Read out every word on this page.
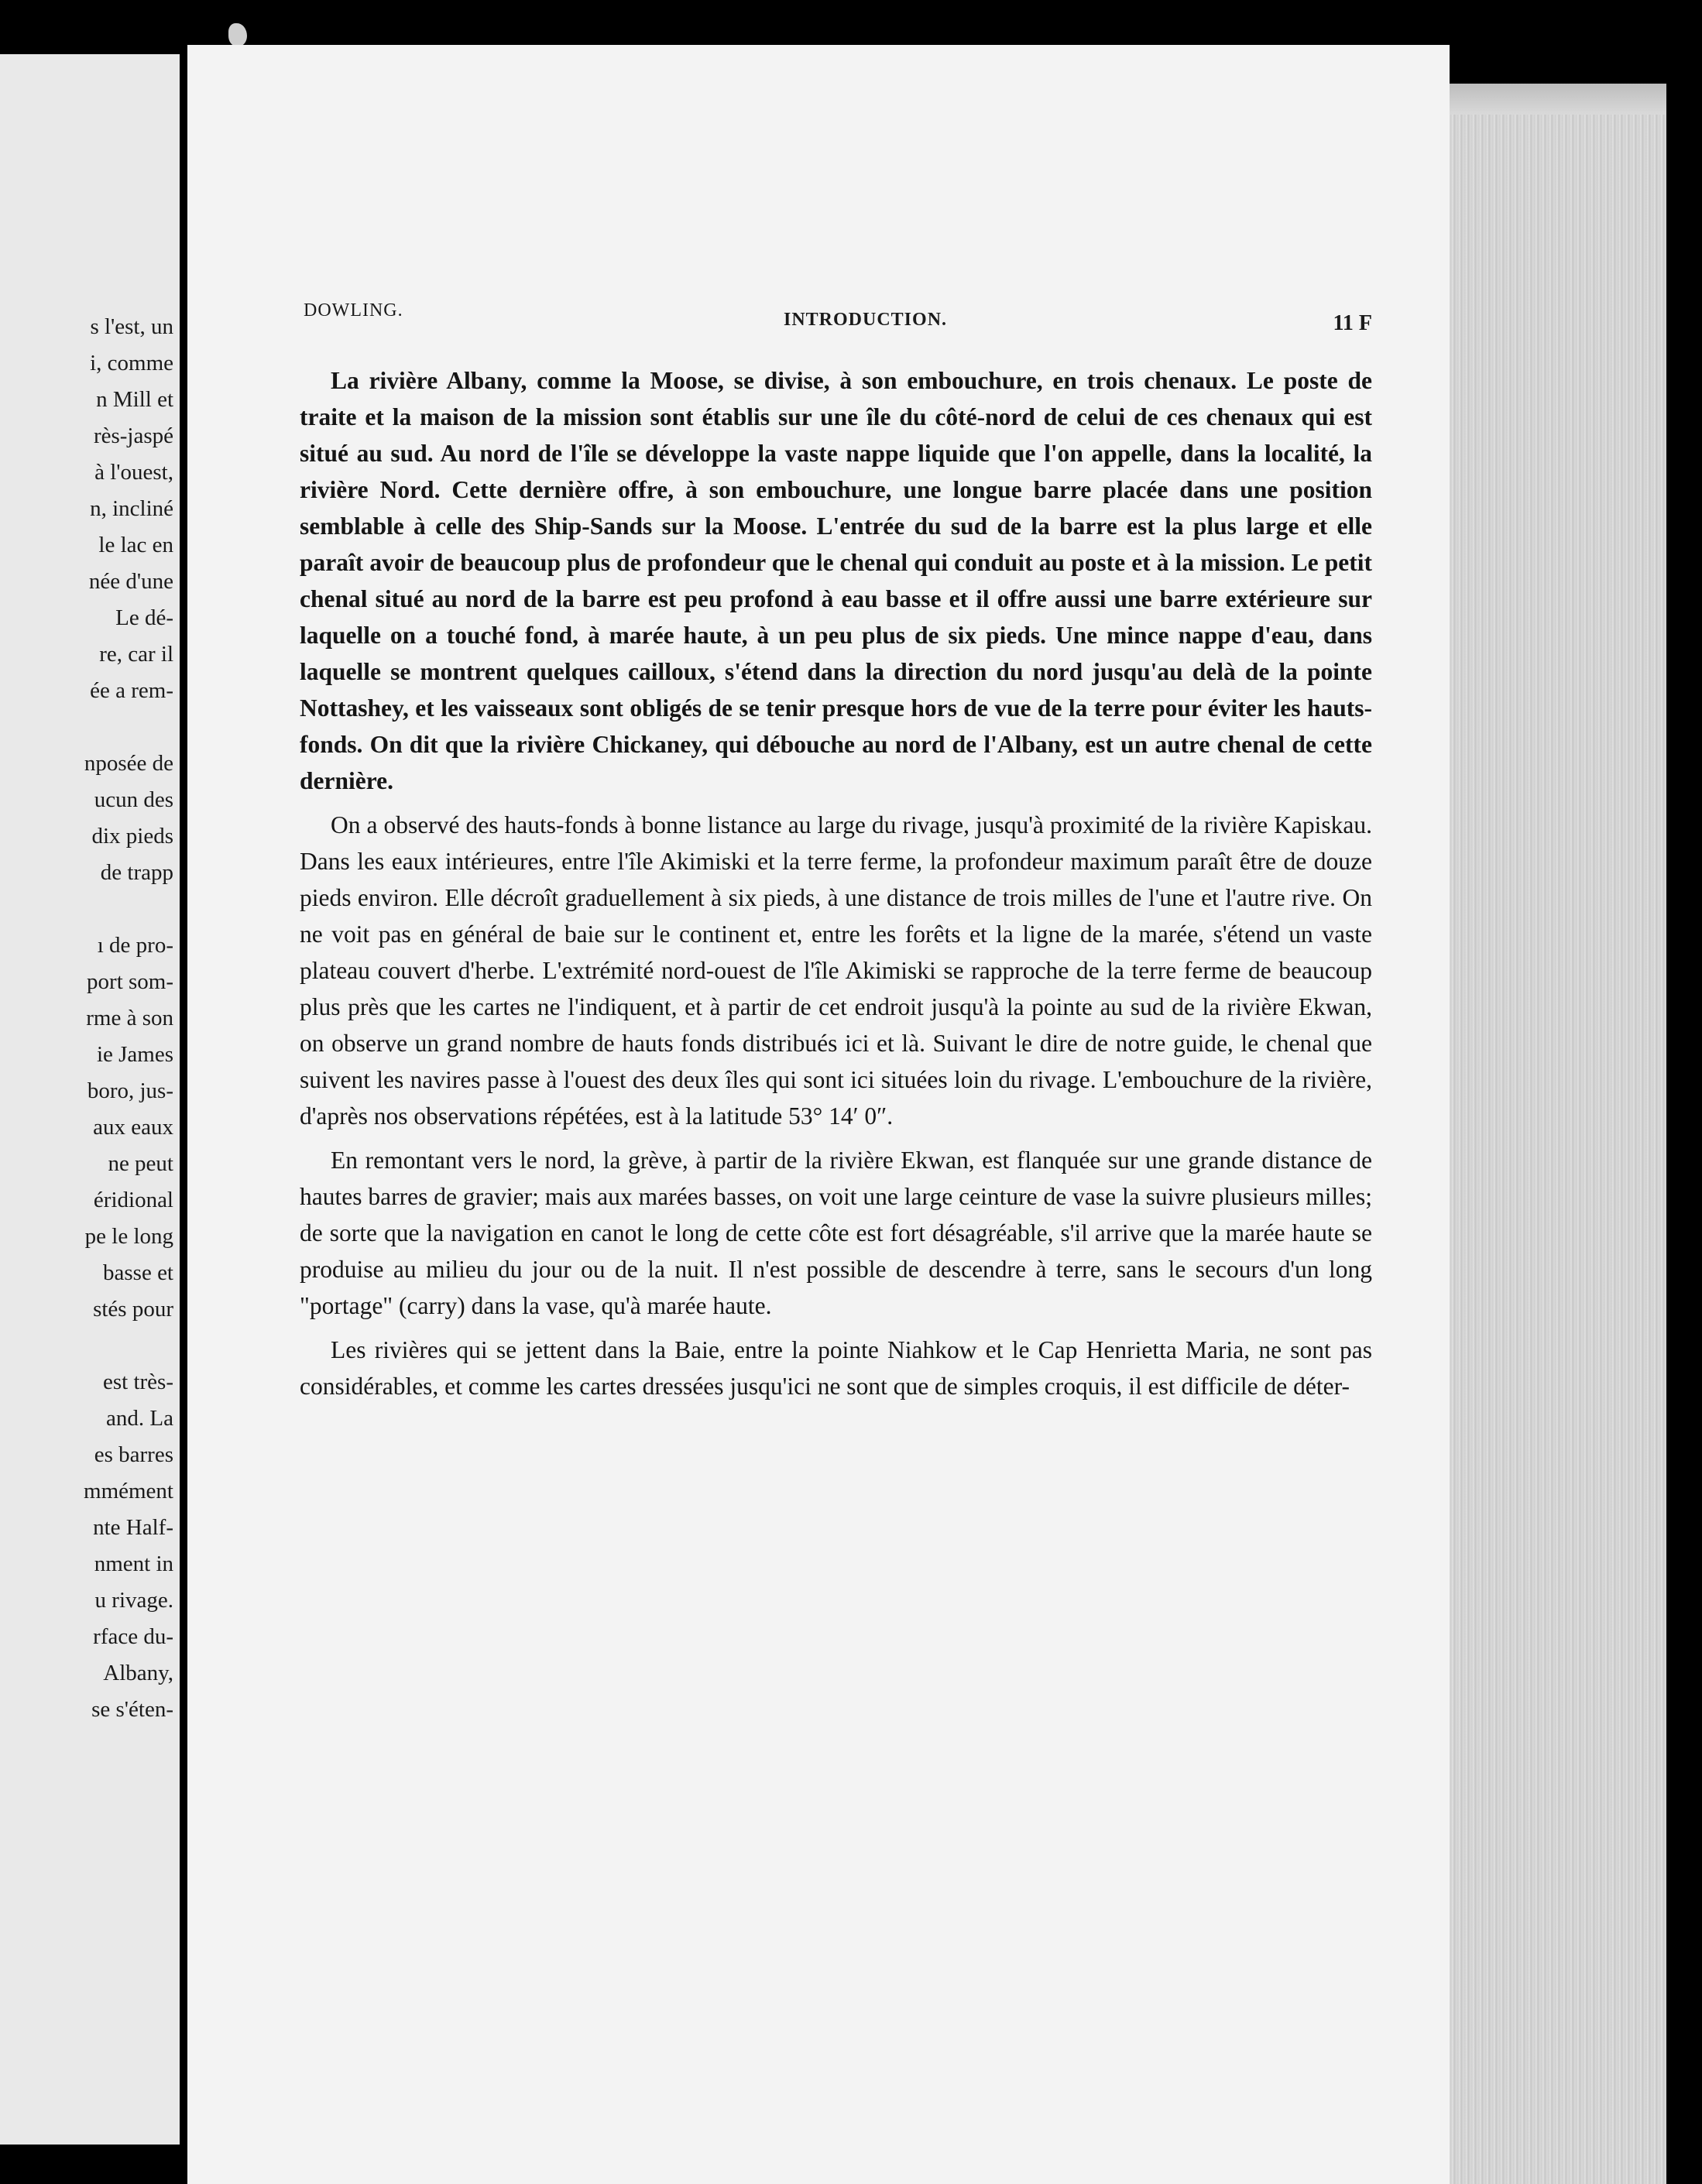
s l'est, un
i, comme
n Mill et
rès-jaspé
à l'ouest,
n, incliné
le lac en
née d'une
Le dé-
re, car il
ée a rem-
nposée de
ucun des
dix pieds
de trapp
ı de pro-
port som-
rme à son
ie James
boro, jus-
aux eaux
ne peut
éridional
pe le long
basse et
stés pour
est très-
and. La
es barres
mmément
nte Half-
nment in
u rivage.
rface du-
Albany,
se s'éten-
DOWLING.	INTRODUCTION.	11 F

La rivière Albany, comme la Moose, se divise, à son embouchure, en trois chenaux. Le poste de traite et la maison de la mission sont établis sur une île du côté-nord de celui de ces chenaux qui est situé au sud. Au nord de l'île se développe la vaste nappe liquide que l'on appelle, dans la localité, la rivière Nord. Cette dernière offre, à son embouchure, une longue barre placée dans une position semblable à celle des Ship-Sands sur la Moose. L'entrée du sud de la barre est la plus large et elle paraît avoir de beaucoup plus de profondeur que le chenal qui conduit au poste et à la mission. Le petit chenal situé au nord de la barre est peu profond à eau basse et il offre aussi une barre extérieure sur laquelle on a touché fond, à marée haute, à un peu plus de six pieds. Une mince nappe d'eau, dans laquelle se montrent quelques cailloux, s'étend dans la direction du nord jusqu'au delà de la pointe Nottashey, et les vaisseaux sont obligés de se tenir presque hors de vue de la terre pour éviter les hauts-fonds. On dit que la rivière Chickaney, qui débouche au nord de l'Albany, est un autre chenal de cette dernière.

On a observé des hauts-fonds à bonne listance au large du rivage, jusqu'à proximité de la rivière Kapiskau. Dans les eaux intérieures, entre l'île Akimiski et la terre ferme, la profondeur maximum paraît être de douze pieds environ. Elle décroît graduellement à six pieds, à une distance de trois milles de l'une et l'autre rive. On ne voit pas en général de baie sur le continent et, entre les forêts et la ligne de la marée, s'étend un vaste plateau couvert d'herbe. L'extrémité nord-ouest de l'île Akimiski se rapproche de la terre ferme de beaucoup plus près que les cartes ne l'indiquent, et à partir de cet endroit jusqu'à la pointe au sud de la rivière Ekwan, on observe un grand nombre de hauts fonds distribués ici et là. Suivant le dire de notre guide, le chenal que suivent les navires passe à l'ouest des deux îles qui sont ici situées loin du rivage. L'embouchure de la rivière, d'après nos observations répétées, est à la latitude 53° 14′ 0″.

En remontant vers le nord, la grève, à partir de la rivière Ekwan, est flanquée sur une grande distance de hautes barres de gravier; mais aux marées basses, on voit une large ceinture de vase la suivre plusieurs milles; de sorte que la navigation en canot le long de cette côte est fort désagréable, s'il arrive que la marée haute se produise au milieu du jour ou de la nuit. Il n'est possible de descendre à terre, sans le secours d'un long "portage" (carry) dans la vase, qu'à marée haute.

Les rivières qui se jettent dans la Baie, entre la pointe Niahkow et le Cap Henrietta Maria, ne sont pas considérables, et comme les cartes dressées jusqu'ici ne sont que de simples croquis, il est difficile de déter-
